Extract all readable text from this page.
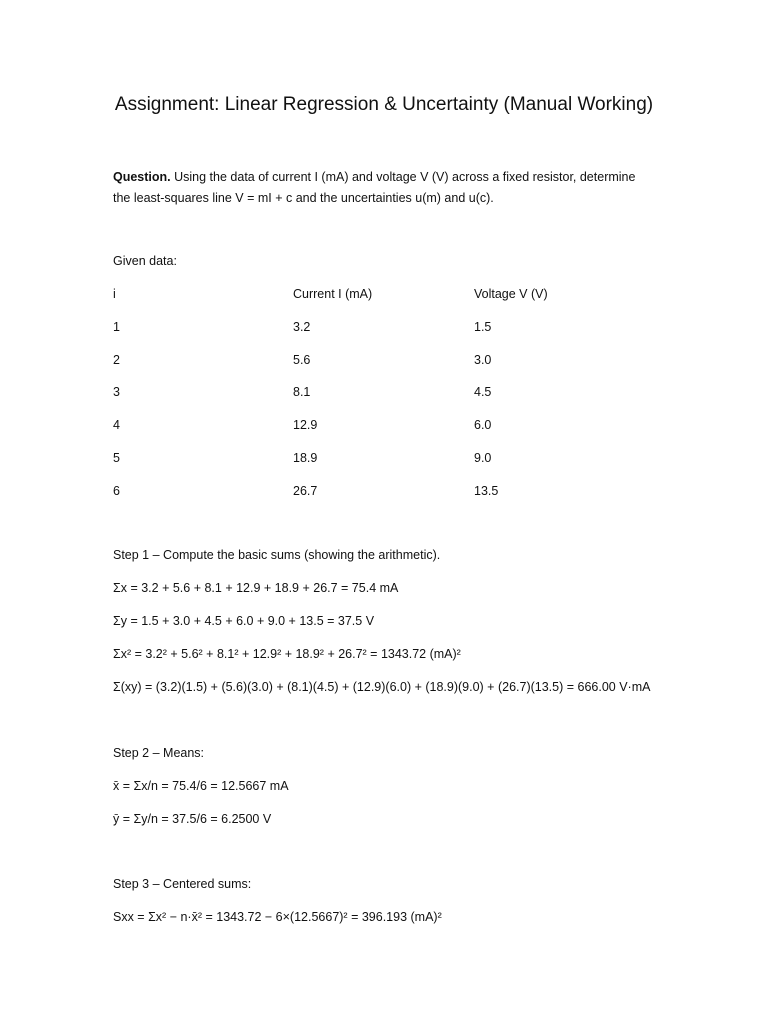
Assignment: Linear Regression & Uncertainty (Manual Working)

Question. Using the data of current I (mA) and voltage V (V) across a fixed resistor, determine the least-squares line V = mI + c and the uncertainties u(m) and u(c).

Given data:

i	Current I (mA)	Voltage V (V)
1	3.2	1.5
2	5.6	3.0
3	8.1	4.5
4	12.9	6.0
5	18.9	9.0
6	26.7	13.5

Step 1 – Compute the basic sums (showing the arithmetic).

Σx = 3.2 + 5.6 + 8.1 + 12.9 + 18.9 + 26.7 = 75.4 mA

Σy = 1.5 + 3.0 + 4.5 + 6.0 + 9.0 + 13.5 = 37.5 V

Σx² = 3.2² + 5.6² + 8.1² + 12.9² + 18.9² + 26.7² = 1343.72 (mA)²

Σ(xy) = (3.2)(1.5) + (5.6)(3.0) + (8.1)(4.5) + (12.9)(6.0) + (18.9)(9.0) + (26.7)(13.5) = 666.00 V·mA

Step 2 – Means:

x̄ = Σx/n = 75.4/6 = 12.5667 mA

ȳ = Σy/n = 37.5/6 = 6.2500 V

Step 3 – Centered sums:

Sxx = Σx² − n·x̄² = 1343.72 − 6×(12.5667)² = 396.193 (mA)²
